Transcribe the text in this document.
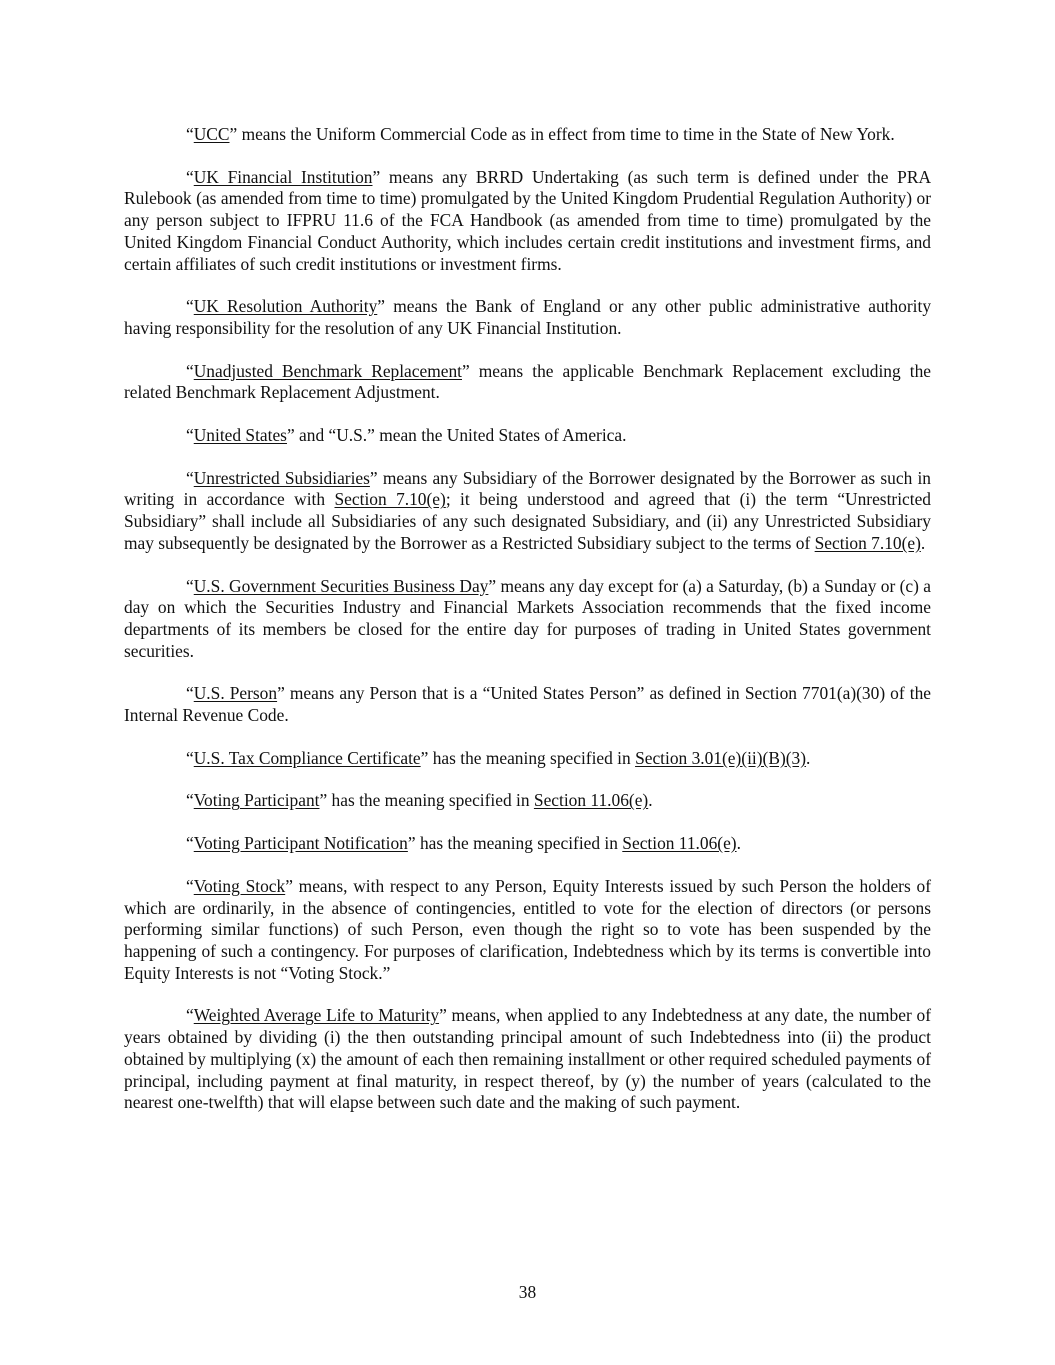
“UCC” means the Uniform Commercial Code as in effect from time to time in the State of New York.

“UK Financial Institution” means any BRRD Undertaking (as such term is defined under the PRA Rulebook (as amended from time to time) promulgated by the United Kingdom Prudential Regulation Authority) or any person subject to IFPRU 11.6 of the FCA Handbook (as amended from time to time) promulgated by the United Kingdom Financial Conduct Authority, which includes certain credit institutions and investment firms, and certain affiliates of such credit institutions or investment firms.

“UK Resolution Authority” means the Bank of England or any other public administrative authority having responsibility for the resolution of any UK Financial Institution.

“Unadjusted Benchmark Replacement” means the applicable Benchmark Replacement excluding the related Benchmark Replacement Adjustment.

“United States” and “U.S.” mean the United States of America.

“Unrestricted Subsidiaries” means any Subsidiary of the Borrower designated by the Borrower as such in writing in accordance with Section 7.10(e); it being understood and agreed that (i) the term “Unrestricted Subsidiary” shall include all Subsidiaries of any such designated Subsidiary, and (ii) any Unrestricted Subsidiary may subsequently be designated by the Borrower as a Restricted Subsidiary subject to the terms of Section 7.10(e).

“U.S. Government Securities Business Day” means any day except for (a) a Saturday, (b) a Sunday or (c) a day on which the Securities Industry and Financial Markets Association recommends that the fixed income departments of its members be closed for the entire day for purposes of trading in United States government securities.

“U.S. Person” means any Person that is a “United States Person” as defined in Section 7701(a)(30) of the Internal Revenue Code.

“U.S. Tax Compliance Certificate” has the meaning specified in Section 3.01(e)(ii)(B)(3).

“Voting Participant” has the meaning specified in Section 11.06(e).

“Voting Participant Notification” has the meaning specified in Section 11.06(e).

“Voting Stock” means, with respect to any Person, Equity Interests issued by such Person the holders of which are ordinarily, in the absence of contingencies, entitled to vote for the election of directors (or persons performing similar functions) of such Person, even though the right so to vote has been suspended by the happening of such a contingency. For purposes of clarification, Indebtedness which by its terms is convertible into Equity Interests is not “Voting Stock.”

“Weighted Average Life to Maturity” means, when applied to any Indebtedness at any date, the number of years obtained by dividing (i) the then outstanding principal amount of such Indebtedness into (ii) the product obtained by multiplying (x) the amount of each then remaining installment or other required scheduled payments of principal, including payment at final maturity, in respect thereof, by (y) the number of years (calculated to the nearest one-twelfth) that will elapse between such date and the making of such payment.

38
